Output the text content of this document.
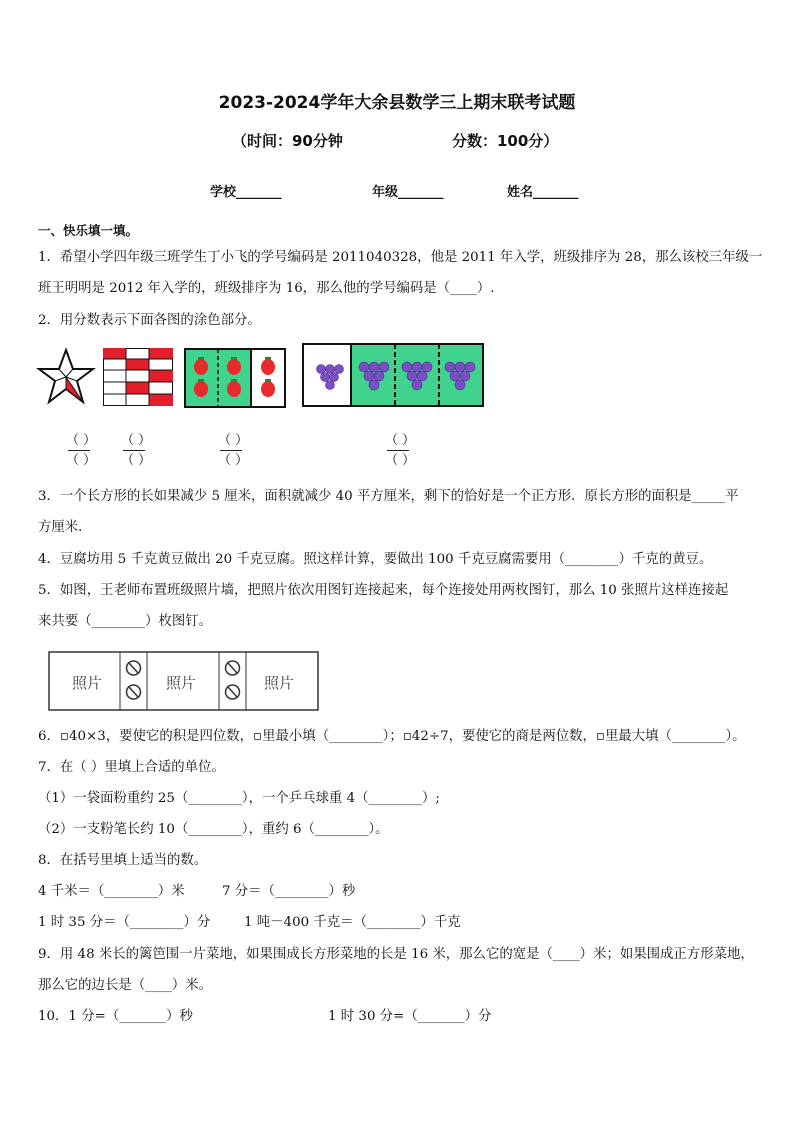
2023-2024学年大余县数学三上期末联考试题
（时间：90分钟	分数：100分）
学校_______	年级_______	姓名_______
一、快乐填一填。
1．希望小学四年级三班学生丁小飞的学号编码是 2011040328，他是 2011 年入学，班级排序为 28，那么该校三年级一
班王明明是 2012 年入学的，班级排序为 16，那么他的学号编码是（____）.
2．用分数表示下面各图的涂色部分。
（ ）
（ ）
（ ）
（ ）
（ ）
（ ）
（ ）
（ ）
3．一个长方形的长如果减少 5 厘米，面积就减少 40 平方厘米，剩下的恰好是一个正方形．原长方形的面积是_____平
方厘米．
4．豆腐坊用 5 千克黄豆做出 20 千克豆腐。照这样计算，要做出 100 千克豆腐需要用（________）千克的黄豆。
5．如图，王老师布置班级照片墙，把照片依次用图钉连接起来，每个连接处用两枚图钉，那么 10 张照片这样连接起
来共要（________）枚图钉。
照片	照片	照片
6．▫40×3，要使它的积是四位数，▫里最小填（________）；▫42÷7，要使它的商是两位数，▫里最大填（________）。
7．在（ ）里填上合适的单位。
（1）一袋面粉重约 25（________），一个乒乓球重 4（________）;
（2）一支粉笔长约 10（________），重约 6（________）。
8．在括号里填上适当的数。
4 千米＝（________）米	7 分＝（________）秒
1 时 35 分＝（________）分	1 吨－400 千克＝（________）千克
9．用 48 米长的篱笆围一片菜地，如果围成长方形菜地的长是 16 米，那么它的宽是（____）米；如果围成正方形菜地，
那么它的边长是（____）米。
10．1 分=（_______）秒	1 时 30 分=（_______）分
